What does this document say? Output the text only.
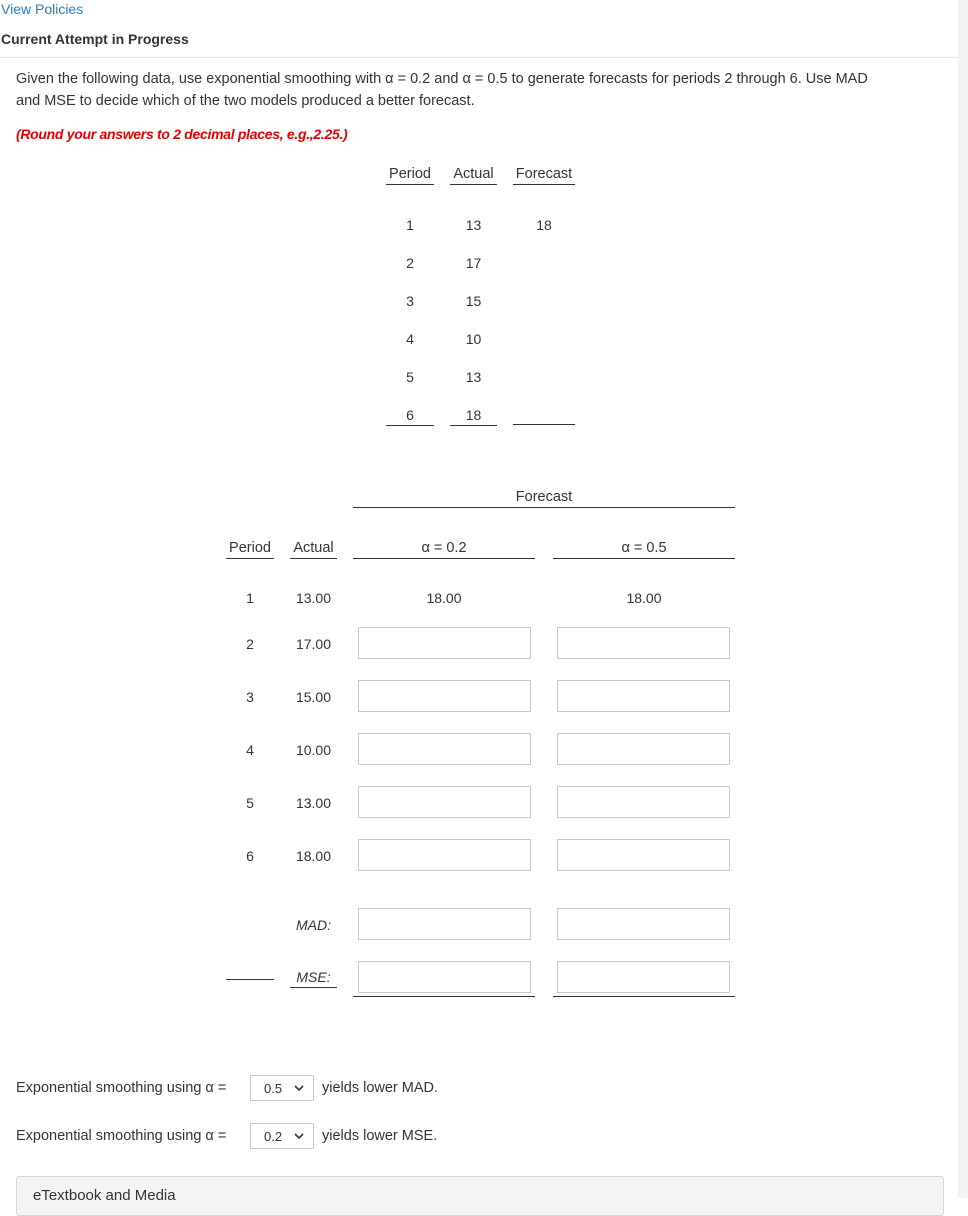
View Policies
Current Attempt in Progress
Given the following data, use exponential smoothing with α = 0.2 and α = 0.5 to generate forecasts for periods 2 through 6. Use MAD
and MSE to decide which of the two models produced a better forecast.
(Round your answers to 2 decimal places, e.g.,2.25.)
Period Actual Forecast
1	13	18
2	17
3	15
4	10
5	13
6	18
Forecast
Period Actual	α = 0.2	α = 0.5
1	13.00	18.00	18.00
2	17.00
3	15.00
4	10.00
5	13.00
6	18.00
MAD:
MSE:
Exponential smoothing using α =	0.5	yields lower MAD.
Exponential smoothing using α =	0.2	yields lower MSE.
eTextbook and Media
